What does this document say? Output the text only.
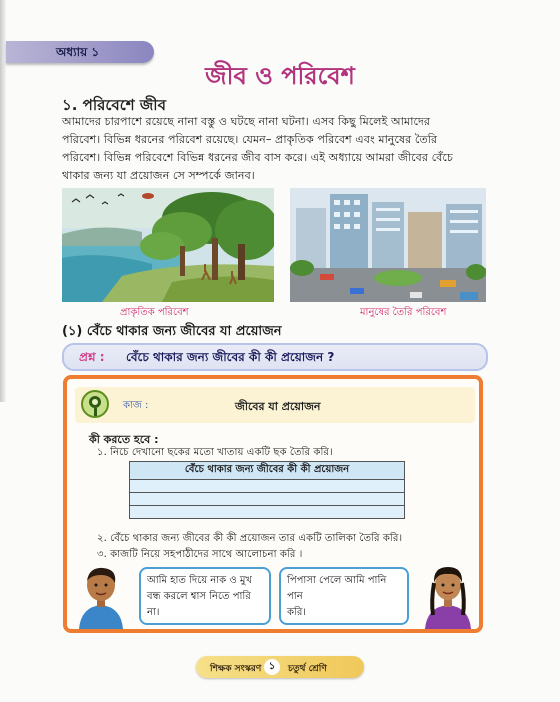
অধ্যায় ১
জীব ও পরিবেশ
১. পরিবেশে জীব
আমাদের চারপাশে রয়েছে নানা বস্তু ও ঘটছে নানা ঘটনা। এসব কিছু মিলেই আমাদের
পরিবেশ। বিভিন্ন ধরনের পরিবেশ রয়েছে। যেমন– প্রাকৃতিক পরিবেশ এবং মানুষের তৈরি
পরিবেশ। বিভিন্ন পরিবেশে বিভিন্ন ধরনের জীব বাস করে। এই অধ্যায়ে আমরা জীবের বেঁচে
থাকার জন্য যা প্রয়োজন সে সম্পর্কে জানব।
প্রাকৃতিক পরিবেশ	মানুষের তৈরি পরিবেশ
(১) বেঁচে থাকার জন্য জীবের যা প্রয়োজন
প্রশ্ন : বেঁচে থাকার জন্য জীবের কী কী প্রয়োজন ?
কাজ :	জীবের যা প্রয়োজন
কী করতে হবে :
১. নিচে দেখানো ছকের মতো খাতায় একটি ছক তৈরি করি।
বেঁচে থাকার জন্য জীবের কী কী প্রয়োজন

২. বেঁচে থাকার জন্য জীবের কী কী প্রয়োজন তার একটি তালিকা তৈরি করি।
৩. কাজটি নিয়ে সহপাঠীদের সাথে আলোচনা করি ।
আমি হাত দিয়ে নাক ও মুখ
বন্ধ করলে শ্বাস নিতে পারি
না।
পিপাসা পেলে আমি পানি পান
করি।
শিক্ষক সংস্করণ ১	চতুর্থ শ্রেণি
